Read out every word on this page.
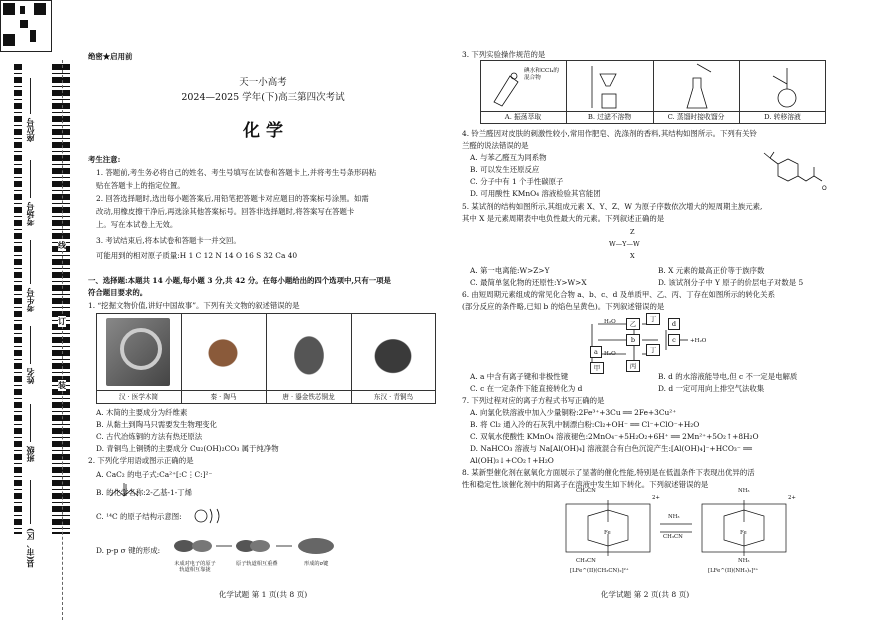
座位号
考场号
考生号
姓名
班级
县(市、区)
线
订
装
绝密★启用前
天一小高考
2024—2025 学年(下)高三第四次考试
化 学
考生注意:
1. 答题前,考生务必将自己的姓名、考生号填写在试卷和答题卡上,并将考生号条形码粘
贴在答题卡上的指定位置。
2. 回答选择题时,选出每小题答案后,用铅笔把答题卡对应题目的答案标号涂黑。如需
改动,用橡皮擦干净后,再选涂其他答案标号。回答非选择题时,将答案写在答题卡
上。写在本试卷上无效。
3. 考试结束后,将本试卷和答题卡一并交回。
可能用到的相对原子质量:H 1 C 12 N 14 O 16 S 32 Ca 40
一、选择题:本题共 14 小题,每小题 3 分,共 42 分。在每小题给出的四个选项中,只有一项是
符合题目要求的。
1. “挖掘文物价值,讲好中国故事”。下列有关文物的叙述错误的是
汉 · 医学木简	秦 · 陶马	唐 · 鎏金铁芯铜龙	东汉 · 青铜鸟
A. 木简的主要成分为纤维素
B. 从黏土到陶马只需要发生物理变化
C. 古代冶炼铜的方法有热还原法
D. 青铜鸟上铜锈的主要成分 Cu₂(OH)₂CO₃ 属于纯净物
2. 下列化学用语或图示正确的是
A. CaC₂ 的电子式:Ca²⁺[:C⋮C:]²⁻
B. 的化学名称:2-乙基-1-丁烯
C. ¹⁴C 的原子结构示意图:
D. p-p σ 键的形成:
未成对电子的原子轨道相互靠拢
原子轨道相互重叠	形成的σ键
化学试题 第 1 页(共 8 页)
3. 下列实验操作规范的是
碘水和CCl₄的混合物
A. 振荡萃取	B. 过滤不溶物	C. 蒸馏时接收馏分	D. 转移溶液
4. 铃兰醛因对皮肤的刺激性较小,常用作肥皂、洗涤剂的香料,其结构如图所示。下列有关铃
兰醛的说法错误的是
A. 与苯乙醛互为同系物
B. 可以发生还原反应
C. 分子中有 1 个手性碳原子
D. 可用酸性 KMnO₄ 溶液检验其官能团	O
5. 某试剂的结构如图所示,其组成元素 X、Y、Z、W 为原子序数依次增大的短周期主族元素,
其中 X 是元素周期表中电负性最大的元素。下列叙述正确的是
Z
W—Y—W
X
A. 第一电离能:W>Z>Y	B. X 元素的最高正价等于族序数
C. 最简单氢化物的还原性:Y>W>X	D. 该试剂分子中 Y 原子的价层电子对数是 5
6. 由短周期元素组成的常见化合物 a、b、c、d 及单质甲、乙、丙、丁存在如图所示的转化关系
(部分反应的条件略,已知 b 的焰色呈黄色)。下列叙述错误的是
乙
丁
a
b	c
d
甲	丙
丁
H₂O
H₂O
+H₂O
A. a 中含有离子键和非极性键	B. d 的水溶液能导电,但 c 不一定是电解质
C. c 在一定条件下能直接转化为 d	D. d 一定可用向上排空气法收集
7. 下列过程对应的离子方程式书写正确的是
A. 向氯化铁溶液中加入少量铜粉:2Fe³⁺+3Cu ══ 2Fe+3Cu²⁺
B. 将 Cl₂ 通入冷的石灰乳中制漂白粉:Cl₂+OH⁻ ══ Cl⁻+ClO⁻+H₂O
C. 双氧水使酸性 KMnO₄ 溶液褪色:2MnO₄⁻+5H₂O₂+6H⁺ ══ 2Mn²⁺+5O₂↑+8H₂O
D. NaHCO₃ 溶液与 Na[Al(OH)₄] 溶液混合有白色沉淀产生:[Al(OH)₄]⁻+HCO₃⁻ ══
Al(OH)₃↓+CO₂↑+H₂O
8. 某新型催化剂在氨氧化方面展示了显著的催化性能,特别是在低温条件下表现出优异的活
性和稳定性,该催化剂中的阳离子在溶液中发生如下转化。下列叙述错误的是
CH₃CN
CH₃CN
Fe
2+
NH₃
CH₃CN
Fe
2+
NH₃
NH₃
[LFe^(II)(CH₃CN)₂]²⁺	[LFe^(II)(NH₃)₂]²⁺
化学试题 第 2 页(共 8 页)
